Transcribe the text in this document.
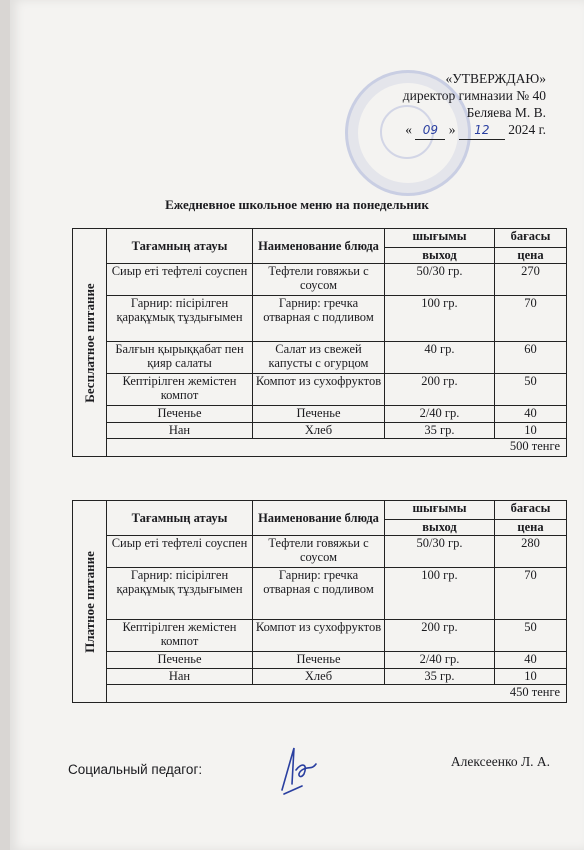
«УТВЕРЖДАЮ»
директор гимназии № 40
Беляева М. В.
« 09 » 12 2024 г.
Ежедневное школьное меню на понедельник
Бесплатное питание	Тағамның атауы	Наименование блюда	шығымы	бағасы
			выход	цена
	Сиыр еті тефтелі соуспен	Тефтели говяжьи с соусом	50/30 гр.	270
	Гарнир: пісірілген қарақұмық тұздығымен	Гарнир: гречка отварная с подливом	100 гр.	70
	Балғын қырыққабат пен қияр салаты	Салат из свежей капусты с огурцом	40 гр.	60
	Кептірілген жемістен компот	Компот из сухофруктов	200 гр.	50
	Печенье	Печенье	2/40 гр.	40
	Нан	Хлеб	35 гр.	10
	500 тенге			
Платное питание	Тағамның атауы	Наименование блюда	шығымы	бағасы
			выход	цена
	Сиыр еті тефтелі соуспен	Тефтели говяжьи с соусом	50/30 гр.	280
	Гарнир: пісірілген қарақұмық тұздығымен	Гарнир: гречка отварная с подливом	100 гр.	70
	Кептірілген жемістен компот	Компот из сухофруктов	200 гр.	50
	Печенье	Печенье	2/40 гр.	40
	Нан	Хлеб	35 гр.	10
	450 тенге			
Социальный педагог:
Алексеенко Л. А.
